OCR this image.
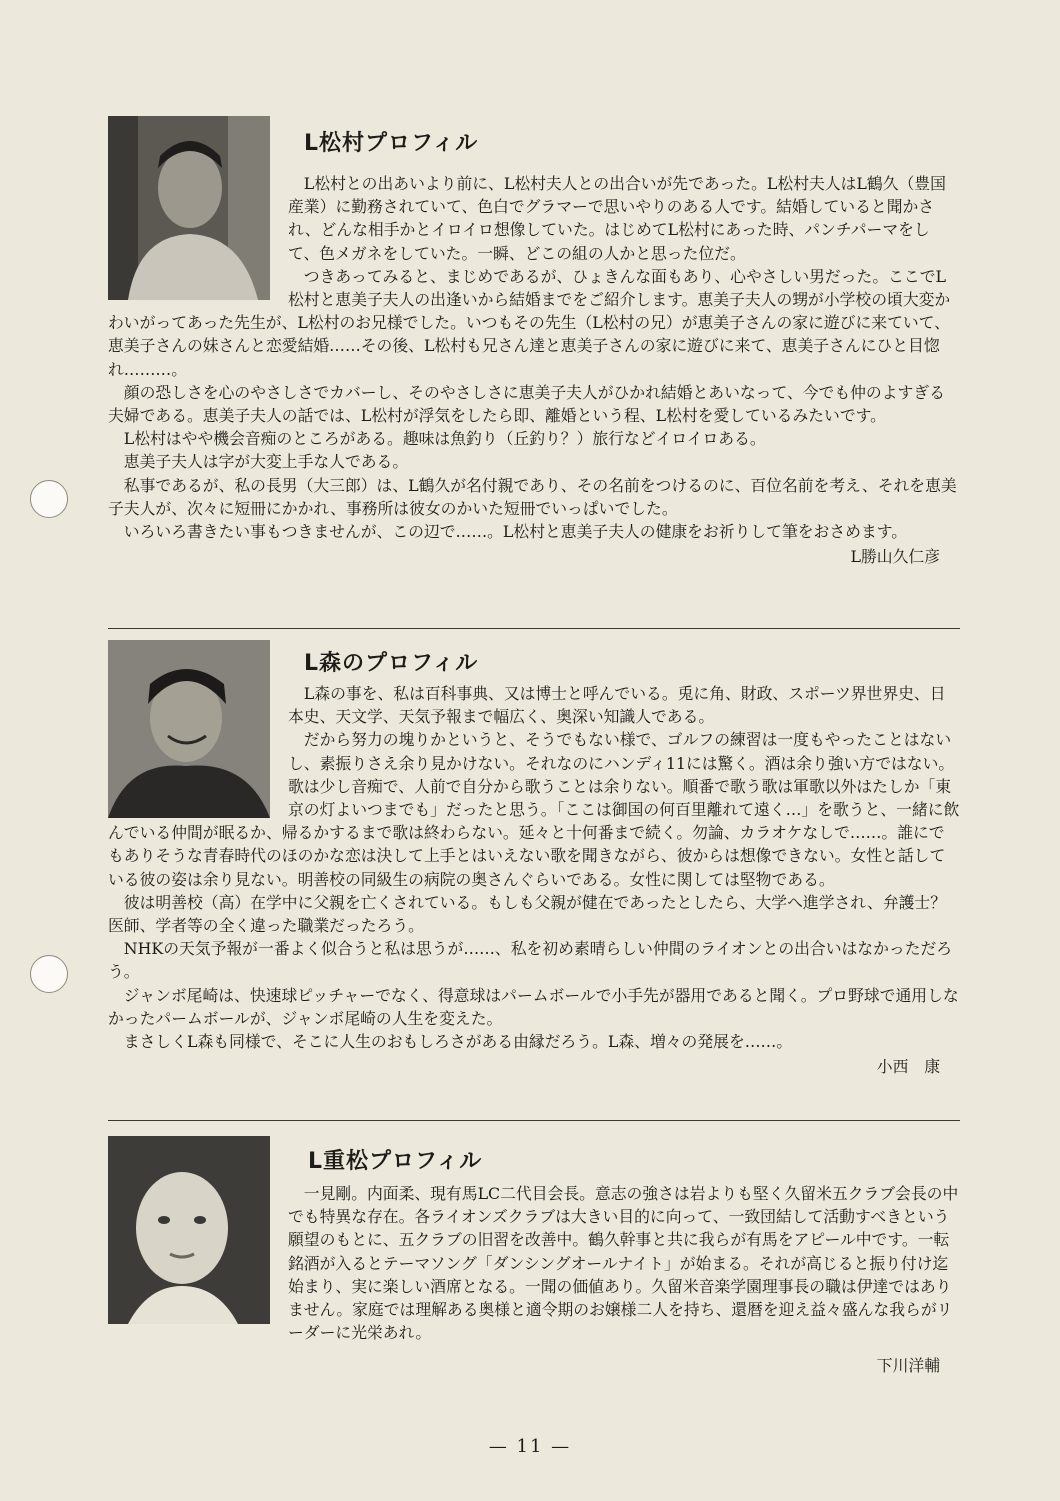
L松村プロフィル

L松村との出あいより前に、L松村夫人との出合いが先であった。L松村夫人はL鶴久（豊国産業）に勤務されていて、色白でグラマーで思いやりのある人です。結婚していると聞かされ、どんな相手かとイロイロ想像していた。はじめてL松村にあった時、パンチパーマをして、色メガネをしていた。一瞬、どこの組の人かと思った位だ。

つきあってみると、まじめであるが、ひょきんな面もあり、心やさしい男だった。ここでL松村と恵美子夫人の出逢いから結婚までをご紹介します。恵美子夫人の甥が小学校の頃大変かわいがってあった先生が、L松村のお兄様でした。いつもその先生（L松村の兄）が恵美子さんの家に遊びに来ていて、恵美子さんの妹さんと恋愛結婚……その後、L松村も兄さん達と恵美子さんの家に遊びに来て、恵美子さんにひと目惚れ………。

顔の恐しさを心のやさしさでカバーし、そのやさしさに恵美子夫人がひかれ結婚とあいなって、今でも仲のよすぎる夫婦である。恵美子夫人の話では、L松村が浮気をしたら即、離婚という程、L松村を愛しているみたいです。

L松村はやや機会音痴のところがある。趣味は魚釣り（丘釣り？）旅行などイロイロある。

恵美子夫人は字が大変上手な人である。

私事であるが、私の長男（大三郎）は、L鶴久が名付親であり、その名前をつけるのに、百位名前を考え、それを恵美子夫人が、次々に短冊にかかれ、事務所は彼女のかいた短冊でいっぱいでした。

いろいろ書きたい事もつきませんが、この辺で……。L松村と恵美子夫人の健康をお祈りして筆をおさめます。

L勝山久仁彦
L森のプロフィル

L森の事を、私は百科事典、又は博士と呼んでいる。兎に角、財政、スポーツ界世界史、日本史、天文学、天気予報まで幅広く、奥深い知識人である。

だから努力の塊りかというと、そうでもない様で、ゴルフの練習は一度もやったことはないし、素振りさえ余り見かけない。それなのにハンディ11には驚く。酒は余り強い方ではない。歌は少し音痴で、人前で自分から歌うことは余りない。順番で歌う歌は軍歌以外はたしか「東京の灯よいつまでも」だったと思う。「ここは御国の何百里離れて遠く…」を歌うと、一緒に飲んでいる仲間が眠るか、帰るかするまで歌は終わらない。延々と十何番まで続く。勿論、カラオケなしで……。誰にでもありそうな青春時代のほのかな恋は決して上手とはいえない歌を聞きながら、彼からは想像できない。女性と話している彼の姿は余り見ない。明善校の同級生の病院の奥さんぐらいである。女性に関しては堅物である。

彼は明善校（高）在学中に父親を亡くされている。もしも父親が健在であったとしたら、大学へ進学され、弁護士？医師、学者等の全く違った職業だったろう。

NHKの天気予報が一番よく似合うと私は思うが……、私を初め素晴らしい仲間のライオンとの出合いはなかっただろう。

ジャンボ尾崎は、快速球ピッチャーでなく、得意球はパームボールで小手先が器用であると聞く。プロ野球で通用しなかったパームボールが、ジャンボ尾崎の人生を変えた。

まさしくL森も同様で、そこに人生のおもしろさがある由縁だろう。L森、増々の発展を……。

小西　康
L重松プロフィル

一見剛。内面柔、現有馬LC二代目会長。意志の強さは岩よりも堅く久留米五クラブ会長の中でも特異な存在。各ライオンズクラブは大きい目的に向って、一致団結して活動すべきという願望のもとに、五クラブの旧習を改善中。鶴久幹事と共に我らが有馬をアピール中です。一転銘酒が入るとテーマソング「ダンシングオールナイト」が始まる。それが高じると振り付け迄始まり、実に楽しい酒席となる。一聞の価値あり。久留米音楽学園理事長の職は伊達ではありません。家庭では理解ある奥様と適令期のお嬢様二人を持ち、還暦を迎え益々盛んな我らがリーダーに光栄あれ。

下川洋輔
— 11 —
